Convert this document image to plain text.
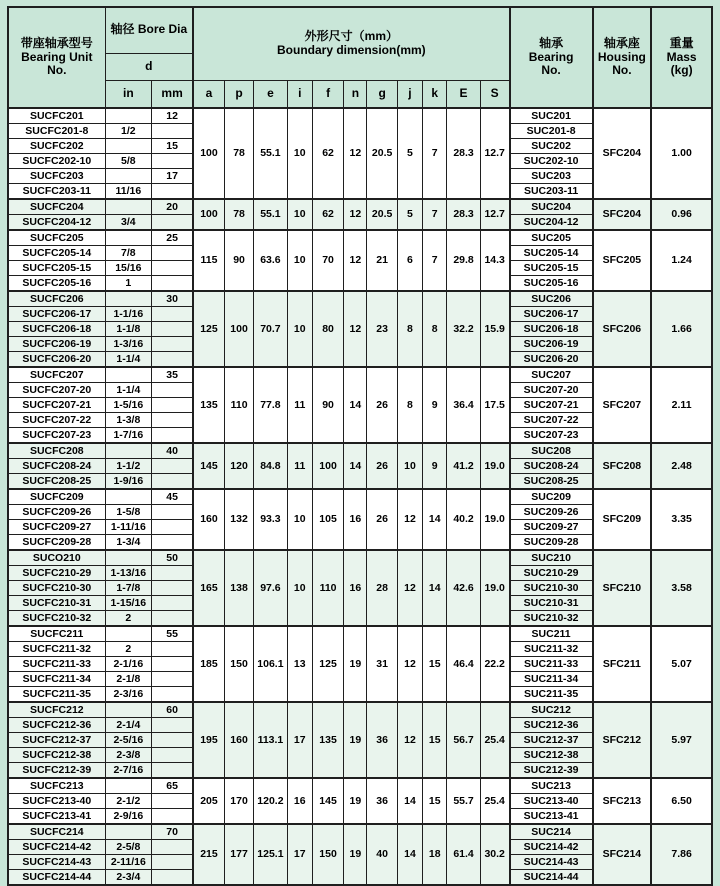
带座轴承型号
Bearing Unit
No.
	轴径 Bore Dia	外形尺寸（mm）
Boundary dimension(mm)	轴承
Bearing
No.

轴承座
Housing
No.

重量
Mass
(kg)

	d															
	in	mm	a	p	e	i	f	n	g	j	k	E	S			
SUCFC201		12	100	78	55.1	10	62	12	20.5	5	7	28.3	12.7	SUC201	SFC204	1.00
SUCFC201-8	1/2													SUC201-8		
SUCFC202		15												SUC202		
SUCFC202-10	5/8													SUC202-10		
SUCFC203		17												SUC203		
SUCFC203-11	11/16													SUC203-11		
SUCFC204		20	100	78	55.1	10	62	12	20.5	5	7	28.3	12.7	SUC204	SFC204	0.96
SUCFC204-12	3/4													SUC204-12		
SUCFC205		25	115	90	63.6	10	70	12	21	6	7	29.8	14.3	SUC205	SFC205	1.24
SUCFC205-14	7/8													SUC205-14		
SUCFC205-15	15/16													SUC205-15		
SUCFC205-16	1													SUC205-16		
SUCFC206		30	125	100	70.7	10	80	12	23	8	8	32.2	15.9	SUC206	SFC206	1.66
SUCFC206-17	1-1/16													SUC206-17		
SUCFC206-18	1-1/8													SUC206-18		
SUCFC206-19	1-3/16													SUC206-19		
SUCFC206-20	1-1/4													SUC206-20		
SUCFC207		35	135	110	77.8	11	90	14	26	8	9	36.4	17.5	SUC207	SFC207	2.11
SUCFC207-20	1-1/4													SUC207-20		
SUCFC207-21	1-5/16													SUC207-21		
SUCFC207-22	1-3/8													SUC207-22		
SUCFC207-23	1-7/16													SUC207-23		
SUCFC208		40	145	120	84.8	11	100	14	26	10	9	41.2	19.0	SUC208	SFC208	2.48
SUCFC208-24	1-1/2													SUC208-24		
SUCFC208-25	1-9/16													SUC208-25		
SUCFC209		45	160	132	93.3	10	105	16	26	12	14	40.2	19.0	SUC209	SFC209	3.35
SUCFC209-26	1-5/8													SUC209-26		
SUCFC209-27	1-11/16													SUC209-27		
SUCFC209-28	1-3/4													SUC209-28		
SUCO210		50	165	138	97.6	10	110	16	28	12	14	42.6	19.0	SUC210	SFC210	3.58
SUCFC210-29	1-13/16													SUC210-29		
SUCFC210-30	1-7/8													SUC210-30		
SUCFC210-31	1-15/16													SUC210-31		
SUCFC210-32	2													SUC210-32		
SUCFC211		55	185	150	106.1	13	125	19	31	12	15	46.4	22.2	SUC211	SFC211	5.07
SUCFC211-32	2													SUC211-32		
SUCFC211-33	2-1/16													SUC211-33		
SUCFC211-34	2-1/8													SUC211-34		
SUCFC211-35	2-3/16													SUC211-35		
SUCFC212		60	195	160	113.1	17	135	19	36	12	15	56.7	25.4	SUC212	SFC212	5.97
SUCFC212-36	2-1/4													SUC212-36		
SUCFC212-37	2-5/16													SUC212-37		
SUCFC212-38	2-3/8													SUC212-38		
SUCFC212-39	2-7/16													SUC212-39		
SUCFC213		65	205	170	120.2	16	145	19	36	14	15	55.7	25.4	SUC213	SFC213	6.50
SUCFC213-40	2-1/2													SUC213-40		
SUCFC213-41	2-9/16													SUC213-41		
SUCFC214		70	215	177	125.1	17	150	19	40	14	18	61.4	30.2	SUC214	SFC214	7.86
SUCFC214-42	2-5/8													SUC214-42		
SUCFC214-43	2-11/16													SUC214-43		
SUCFC214-44	2-3/4													SUC214-44		
